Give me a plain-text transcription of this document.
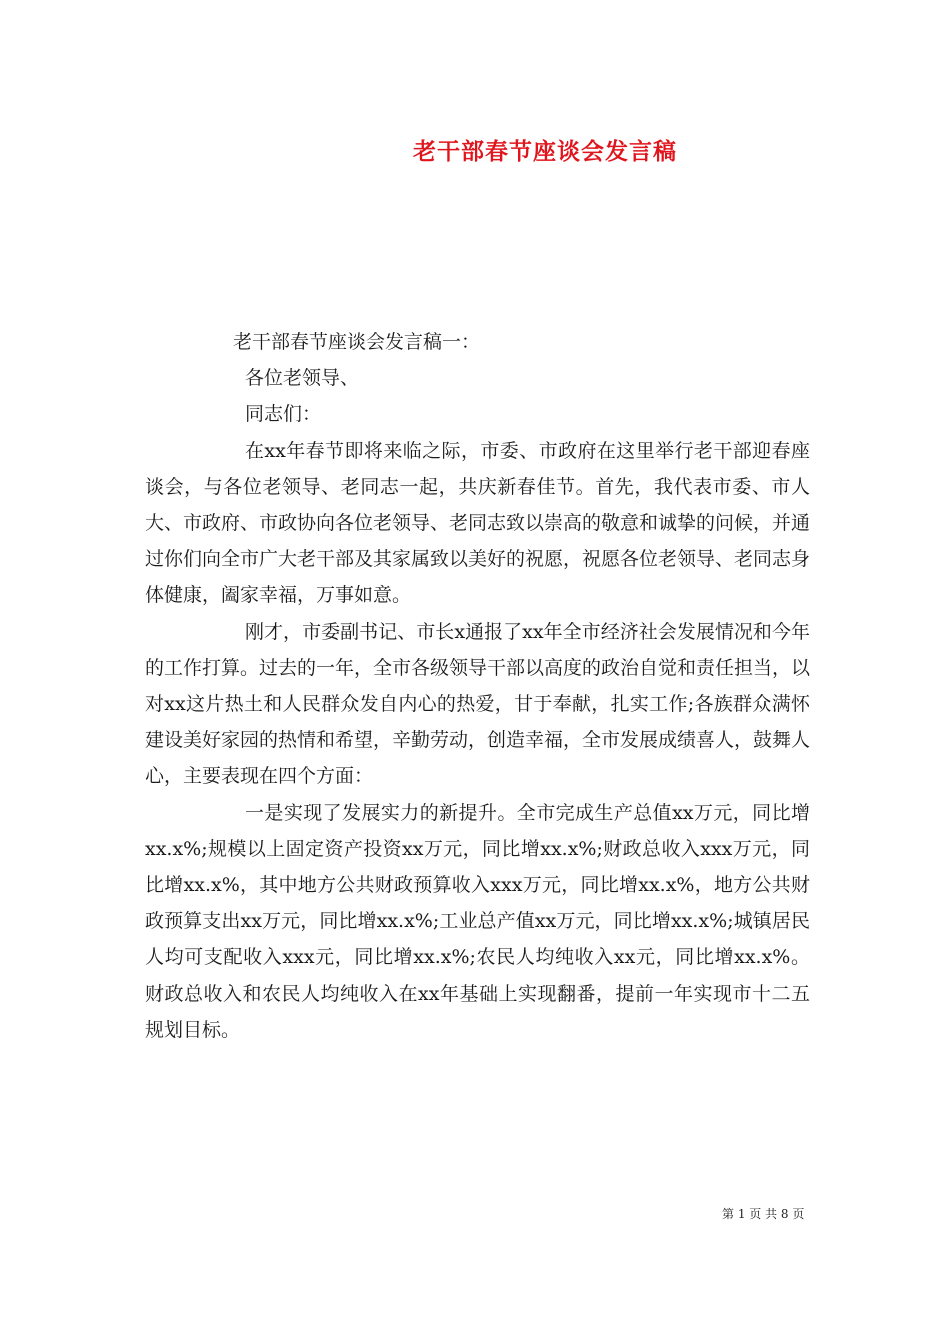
老干部春节座谈会发言稿

老干部春节座谈会发言稿一：

各位老领导、

同志们：

在xx年春节即将来临之际，市委、市政府在这里举行老干部迎春座谈会，与各位老领导、老同志一起，共庆新春佳节。首先，我代表市委、市人大、市政府、市政协向各位老领导、老同志致以崇高的敬意和诚挚的问候，并通过你们向全市广大老干部及其家属致以美好的祝愿，祝愿各位老领导、老同志身体健康，阖家幸福，万事如意。

刚才，市委副书记、市长x通报了xx年全市经济社会发展情况和今年的工作打算。过去的一年，全市各级领导干部以高度的政治自觉和责任担当，以对xx这片热土和人民群众发自内心的热爱，甘于奉献，扎实工作;各族群众满怀建设美好家园的热情和希望，辛勤劳动，创造幸福，全市发展成绩喜人，鼓舞人心，主要表现在四个方面：

一是实现了发展实力的新提升。全市完成生产总值xx万元，同比增xx.x%;规模以上固定资产投资xx万元，同比增xx.x%;财政总收入xxx万元，同比增xx.x%，其中地方公共财政预算收入xxx万元，同比增xx.x%，地方公共财政预算支出xx万元，同比增xx.x%;工业总产值xx万元，同比增xx.x%;城镇居民人均可支配收入xxx元，同比增xx.x%;农民人均纯收入xx元，同比增xx.x%。财政总收入和农民人均纯收入在xx年基础上实现翻番，提前一年实现市十二五规划目标。

第 1 页 共 8 页
